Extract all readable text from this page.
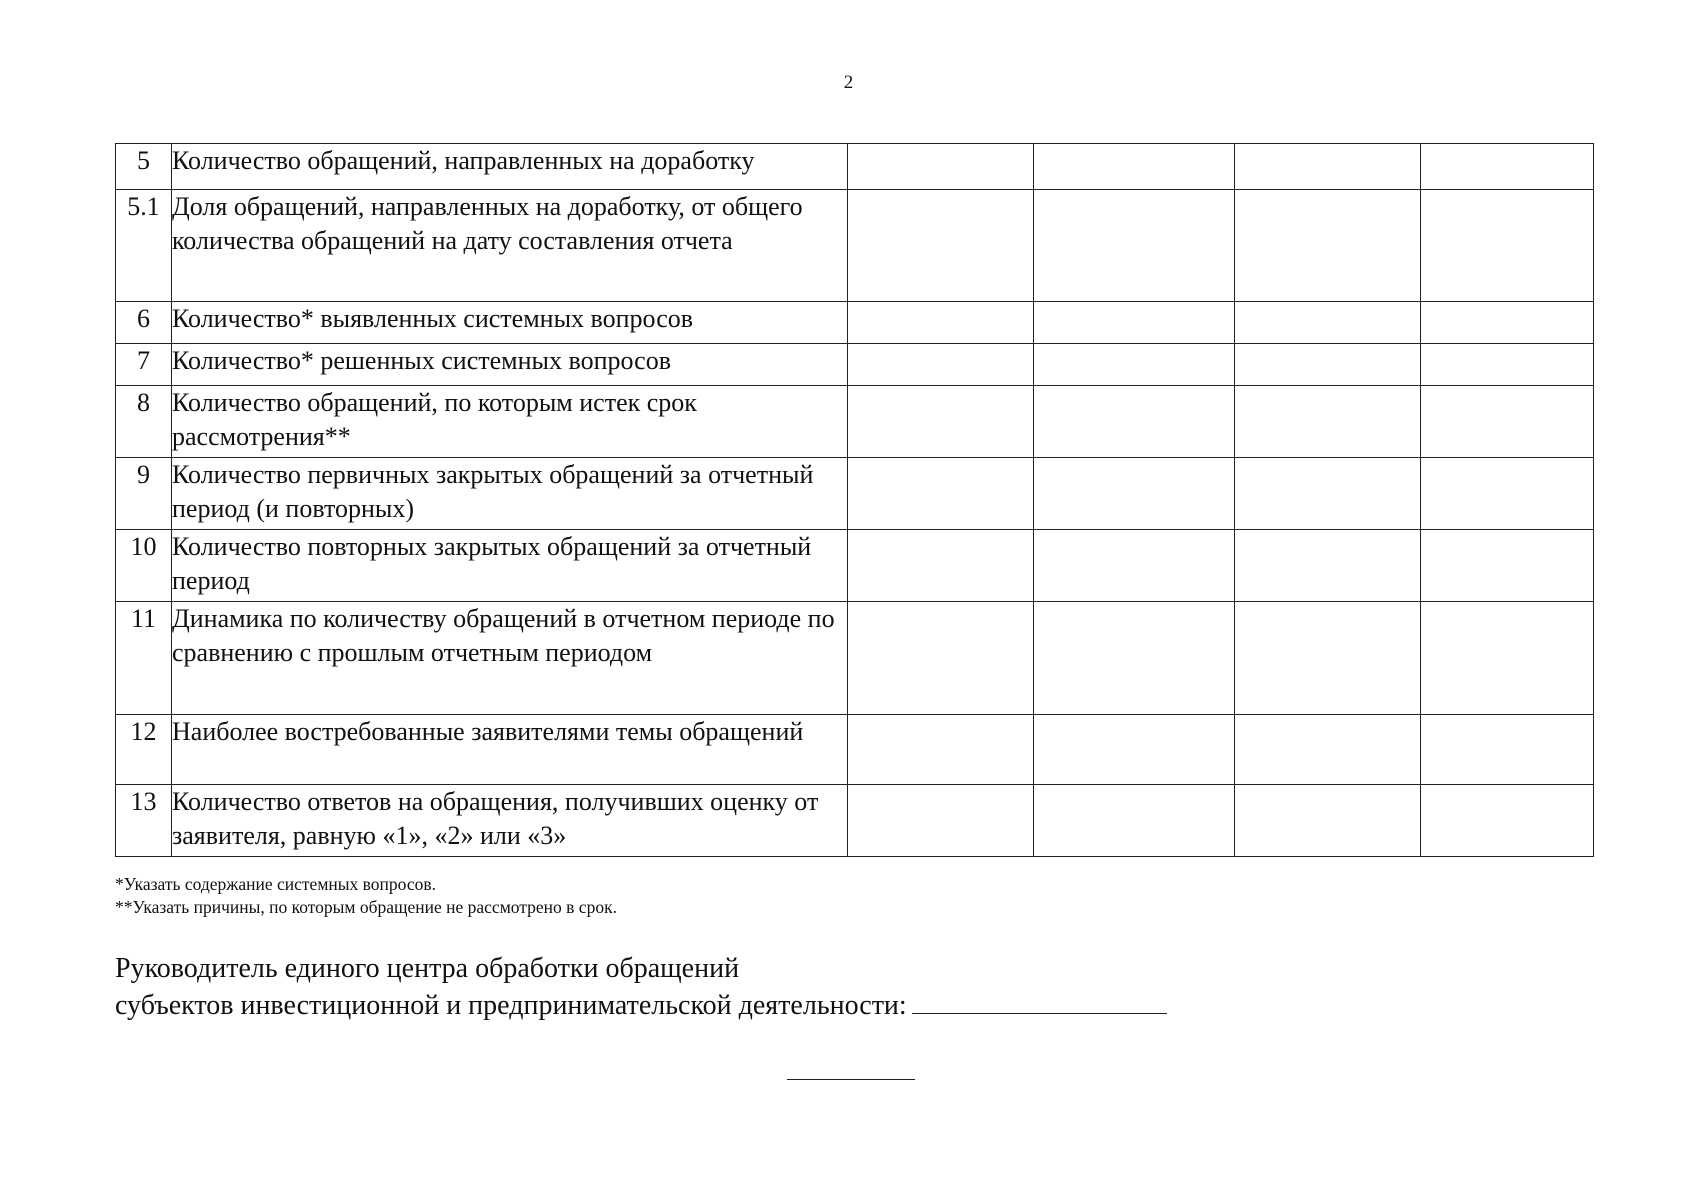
2
5	Количество обращений, направленных на доработку				
5.1	Доля обращений, направленных на доработку, от общего количества обращений на дату составления отчета				
6	Количество* выявленных системных вопросов				
7	Количество* решенных системных вопросов				
8	Количество обращений, по которым истек срок рассмотрения**				
9	Количество первичных закрытых обращений за отчетный период (и повторных)				
10	Количество повторных закрытых обращений за отчетный период				
11	Динамика по количеству обращений в отчетном периоде по сравнению с прошлым отчетным периодом				
12	Наиболее востребованные заявителями темы обращений				
13	Количество ответов на обращения, получивших оценку от заявителя, равную «1», «2» или «3»				
*Указать содержание системных вопросов.
**Указать причины, по которым обращение не рассмотрено в срок.
Руководитель единого центра обработки обращений
субъектов инвестиционной и предпринимательской деятельности:
